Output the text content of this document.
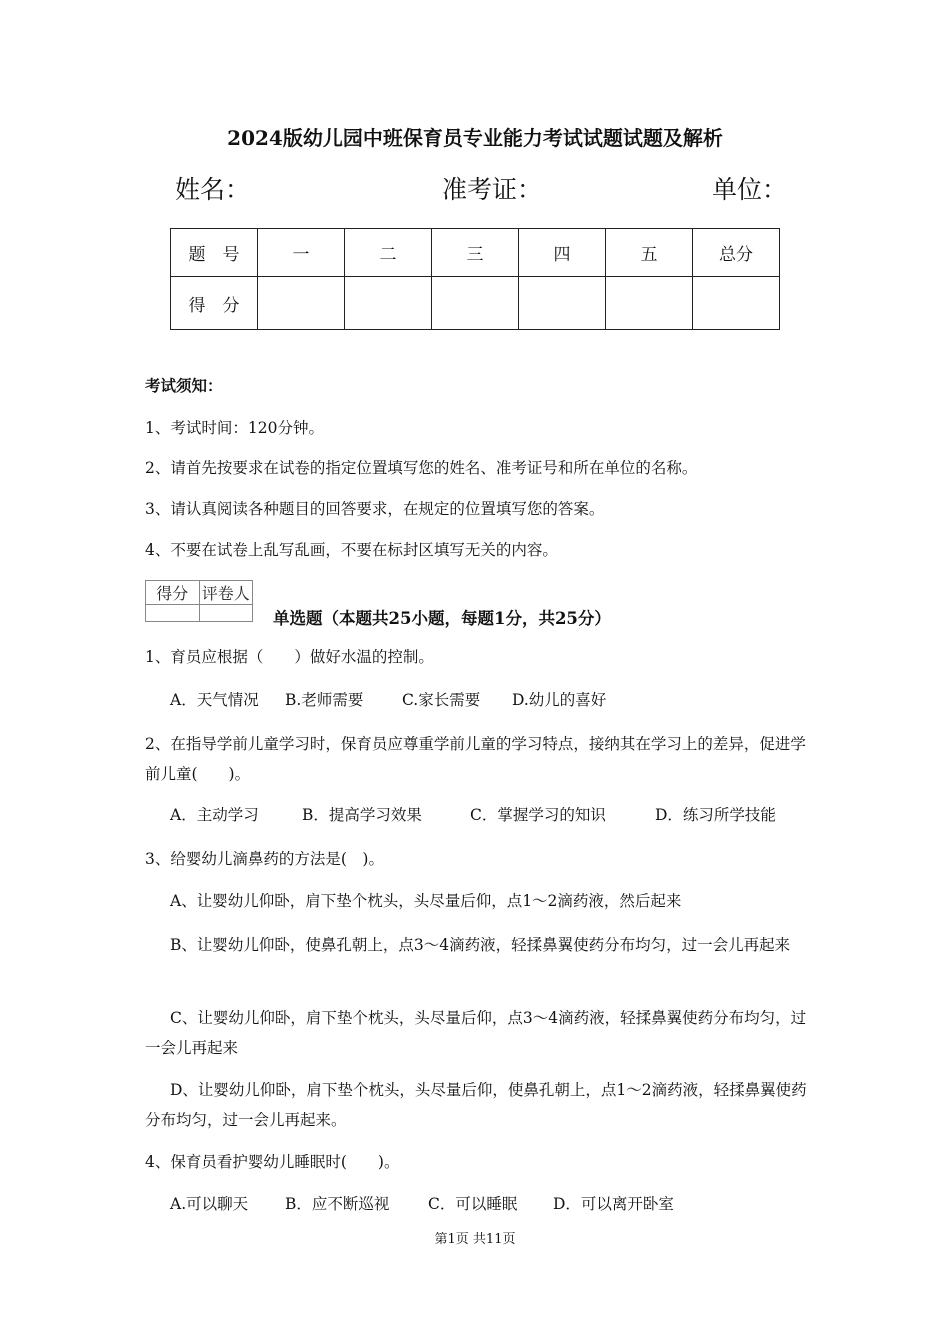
2024版幼儿园中班保育员专业能力考试试题试题及解析
姓名：	准考证：	单位：
题　号	一	二	三	四	五	总分
得　分						
考试须知：
1、考试时间：120分钟。
2、请首先按要求在试卷的指定位置填写您的姓名、准考证号和所在单位的名称。
3、请认真阅读各种题目的回答要求，在规定的位置填写您的答案。
4、不要在试卷上乱写乱画，不要在标封区填写无关的内容。
得分	评卷人

单选题（本题共25小题，每题1分，共25分）
1、育员应根据（　　）做好水温的控制。
A．天气情况 B.老师需要 C.家长需要 D.幼儿的喜好
2、在指导学前儿童学习时，保育员应尊重学前儿童的学习特点，接纳其在学习上的差异，促进学前儿童(　　)。
A．主动学习	B．提高学习效果	C．掌握学习的知识	D．练习所学技能
3、给婴幼儿滴鼻药的方法是(　)。
A、让婴幼儿仰卧，肩下垫个枕头，头尽量后仰，点1～2滴药液，然后起来
B、让婴幼儿仰卧，使鼻孔朝上，点3～4滴药液，轻揉鼻翼使药分布均匀，过一会儿再起来
C、让婴幼儿仰卧，肩下垫个枕头，头尽量后仰，点3～4滴药液，轻揉鼻翼使药分布均匀，过一会儿再起来
D、让婴幼儿仰卧，肩下垫个枕头，头尽量后仰，使鼻孔朝上，点1～2滴药液，轻揉鼻翼使药分布均匀，过一会儿再起来。
4、保育员看护婴幼儿睡眠时(　　)。
A.可以聊天 B．应不断巡视 C．可以睡眠 D．可以离开卧室
第1页 共11页
